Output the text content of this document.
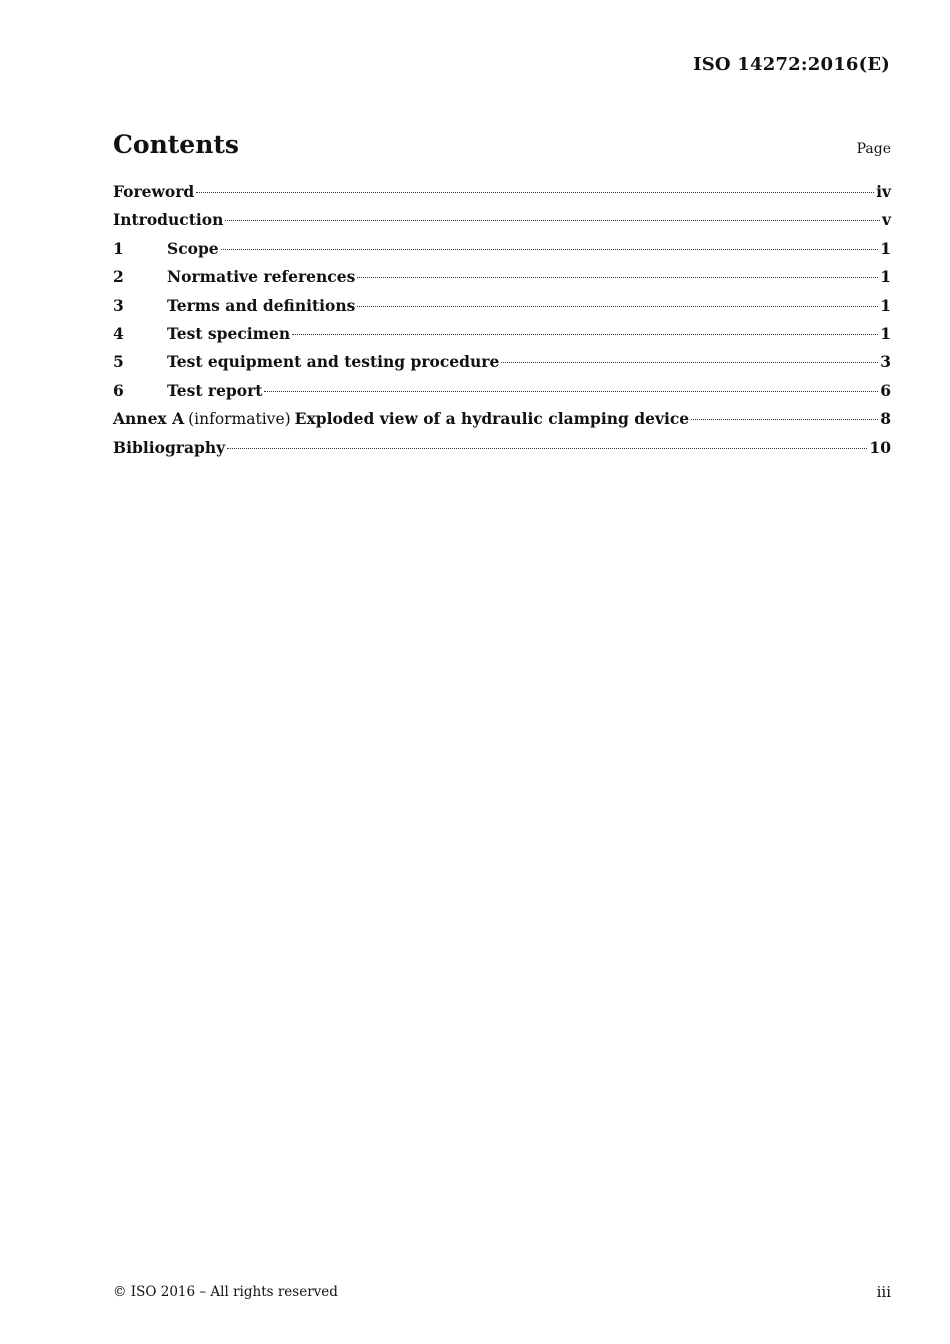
ISO 14272:2016(E)
Contents	Page
Foreword	iv
Introduction	v
1	Scope	1
2	Normative references	1
3	Terms and definitions	1
4	Test specimen	1
5	Test equipment and testing procedure	3
6	Test report	6
Annex A (informative) Exploded view of a hydraulic clamping device	8
Bibliography	10
© ISO 2016 – All rights reserved	iii
